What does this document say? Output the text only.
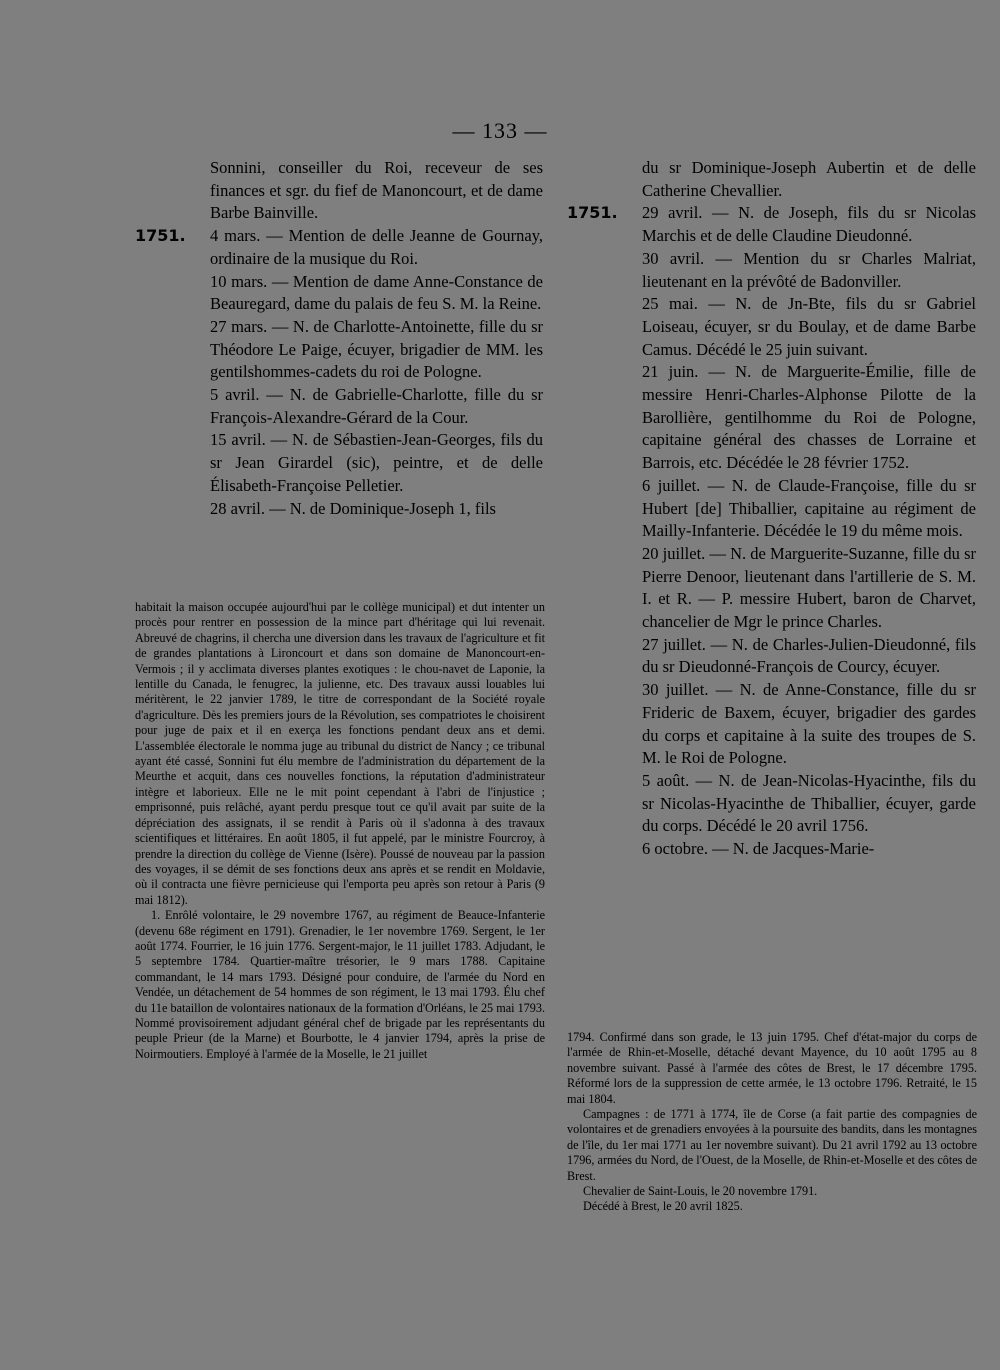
— 133 —
Sonnini, conseiller du Roi, receveur de ses finances et sgr. du fief de Manoncourt, et de dame Barbe Bainville.
1751. 4 mars. — Mention de delle Jeanne de Gournay, ordinaire de la musique du Roi.
10 mars. — Mention de dame Anne-Constance de Beauregard, dame du palais de feu S. M. la Reine.
27 mars. — N. de Charlotte-Antoinette, fille du sr Théodore Le Paige, écuyer, brigadier de MM. les gentilshommes-cadets du roi de Pologne.
5 avril. — N. de Gabrielle-Charlotte, fille du sr François-Alexandre-Gérard de la Cour.
15 avril. — N. de Sébastien-Jean-Georges, fils du sr Jean Girardel (sic), peintre, et de delle Élisabeth-Françoise Pelletier.
28 avril. — N. de Dominique-Joseph 1, fils
du sr Dominique-Joseph Aubertin et de delle Catherine Chevallier.
1751. 29 avril. — N. de Joseph, fils du sr Nicolas Marchis et de delle Claudine Dieudonné.
30 avril. — Mention du sr Charles Malriat, lieutenant en la prévôté de Badonviller.
25 mai. — N. de Jn-Bte, fils du sr Gabriel Loiseau, écuyer, sr du Boulay, et de dame Barbe Camus. Décédé le 25 juin suivant.
21 juin. — N. de Marguerite-Émilie, fille de messire Henri-Charles-Alphonse Pilotte de la Barollière, gentilhomme du Roi de Pologne, capitaine général des chasses de Lorraine et Barrois, etc. Décédée le 28 février 1752.
6 juillet. — N. de Claude-Françoise, fille du sr Hubert [de] Thiballier, capitaine au régiment de Mailly-Infanterie. Décédée le 19 du même mois.
20 juillet. — N. de Marguerite-Suzanne, fille du sr Pierre Denoor, lieutenant dans l'artillerie de S. M. I. et R. — P. messire Hubert, baron de Charvet, chancelier de Mgr le prince Charles.
27 juillet. — N. de Charles-Julien-Dieudonné, fils du sr Dieudonné-François de Courcy, écuyer.
30 juillet. — N. de Anne-Constance, fille du sr Frideric de Baxem, écuyer, brigadier des gardes du corps et capitaine à la suite des troupes de S. M. le Roi de Pologne.
5 août. — N. de Jean-Nicolas-Hyacinthe, fils du sr Nicolas-Hyacinthe de Thiballier, écuyer, garde du corps. Décédé le 20 avril 1756.
6 octobre. — N. de Jacques-Marie-

habitait la maison occupée aujourd'hui par le collège municipal) et dut intenter un procès pour rentrer en possession de la mince part d'héritage qui lui revenait. Abreuvé de chagrins, il chercha une diversion dans les travaux de l'agriculture et fit de grandes plantations à Lironcourt et dans son domaine de Manoncourt-en-Vermois ; il y acclimata diverses plantes exotiques : le chou-navet de Laponie, la lentille du Canada, le fenugrec, la julienne, etc. Des travaux aussi louables lui méritèrent, le 22 janvier 1789, le titre de correspondant de la Société royale d'agriculture. Dès les premiers jours de la Révolution, ses compatriotes le choisirent pour juge de paix et il en exerça les fonctions pendant deux ans et demi. L'assemblée électorale le nomma juge au tribunal du district de Nancy ; ce tribunal ayant été cassé, Sonnini fut élu membre de l'administration du département de la Meurthe et acquit, dans ces nouvelles fonctions, la réputation d'administrateur intègre et laborieux. Elle ne le mit point cependant à l'abri de l'injustice ; emprisonné, puis relâché, ayant perdu presque tout ce qu'il avait par suite de la dépréciation des assignats, il se rendit à Paris où il s'adonna à des travaux scientifiques et littéraires. En août 1805, il fut appelé, par le ministre Fourcroy, à prendre la direction du collège de Vienne (Isère). Poussé de nouveau par la passion des voyages, il se démit de ses fonctions deux ans après et se rendit en Moldavie, où il contracta une fièvre pernicieuse qui l'emporta peu après son retour à Paris (9 mai 1812).

1. Enrôlé volontaire, le 29 novembre 1767, au régiment de Beauce-Infanterie (devenu 68e régiment en 1791). Grenadier, le 1er novembre 1769. Sergent, le 1er août 1774. Fourrier, le 16 juin 1776. Sergent-major, le 11 juillet 1783. Adjudant, le 5 septembre 1784. Quartier-maître trésorier, le 9 mars 1788. Capitaine commandant, le 14 mars 1793. Désigné pour conduire, de l'armée du Nord en Vendée, un détachement de 54 hommes de son régiment, le 13 mai 1793. Élu chef du 11e bataillon de volontaires nationaux de la formation d'Orléans, le 25 mai 1793. Nommé provisoirement adjudant général chef de brigade par les représentants du peuple Prieur (de la Marne) et Bourbotte, le 4 janvier 1794, après la prise de Noirmoutiers. Employé à l'armée de la Moselle, le 21 juillet

1794. Confirmé dans son grade, le 13 juin 1795. Chef d'état-major du corps de l'armée de Rhin-et-Moselle, détaché devant Mayence, du 10 août 1795 au 8 novembre suivant. Passé à l'armée des côtes de Brest, le 17 décembre 1795. Réformé lors de la suppression de cette armée, le 13 octobre 1796. Retraité, le 15 mai 1804.

Campagnes : de 1771 à 1774, île de Corse (a fait partie des compagnies de volontaires et de grenadiers envoyées à la poursuite des bandits, dans les montagnes de l'île, du 1er mai 1771 au 1er novembre suivant). Du 21 avril 1792 au 13 octobre 1796, armées du Nord, de l'Ouest, de la Moselle, de Rhin-et-Moselle et des côtes de Brest.

Chevalier de Saint-Louis, le 20 novembre 1791.

Décédé à Brest, le 20 avril 1825.
